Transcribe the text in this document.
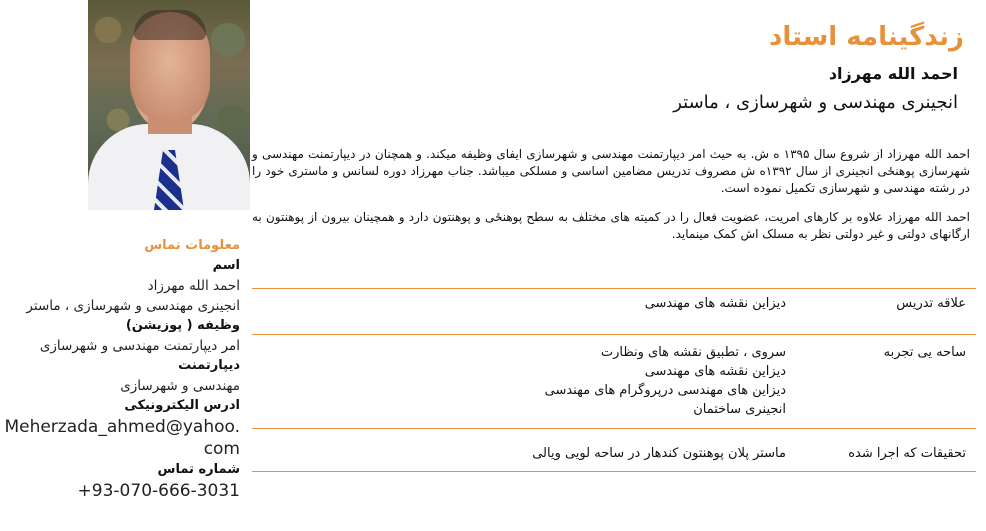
زندگینامه استاد
احمد الله مهرزاد
انجینری مهندسی و شهرسازی ، ماستر

احمد الله مهرزاد از شروع سال ۱۳۹۵ ه ش. به حیث امر دیپارتمنت مهندسی و شهرسازی ایفای وظیفه میکند. و همچنان در دیپارتمنت مهندسی و شهرسازی پوهنځی انجینری از سال ۱۳۹۲ه ش مصروف تدریس مضامین اساسی و مسلکی میباشد. جناب مهرزاد دوره لسانس و ماستری خود را در رشته مهندسی و شهرسازی تکمیل نموده است.

احمد الله مهرزاد علاوه بر کارهای امریت، عضویت فعال را در کمیته های مختلف به سطح پوهنځی و پوهنتون دارد و همچینان بیرون از پوهنتون به ارگانهای دولتی و غیر دولتی نظر به مسلک اش کمک مینماید.

معلومات تماس
اسم
احمد الله مهرزاد
انجینری مهندسی و شهرسازی ، ماستر
وظیفه ( پوزیشن)
امر دیپارتمنت مهندسی و شهرسازی
دیپارتمنت
مهندسی و شهرسازی
ادرس الیکترونیکی
Meherzada_ahmed@yahoo.com
شماره تماس
+93-070-666-3031
علاقه تدریس
دیزاین نقشه های مهندسی
ساحه یی تجربه
سروی ، تطبیق نقشه های ونظارت
دیزاین نقشه های مهندسی
دیزاین های مهندسی درپروگرام های مهندسی
انجینری ساختمان
تحقیقات که اجرا شده
ماستر پلان پوهنتون کندهار در ساحه لویی ویالی
